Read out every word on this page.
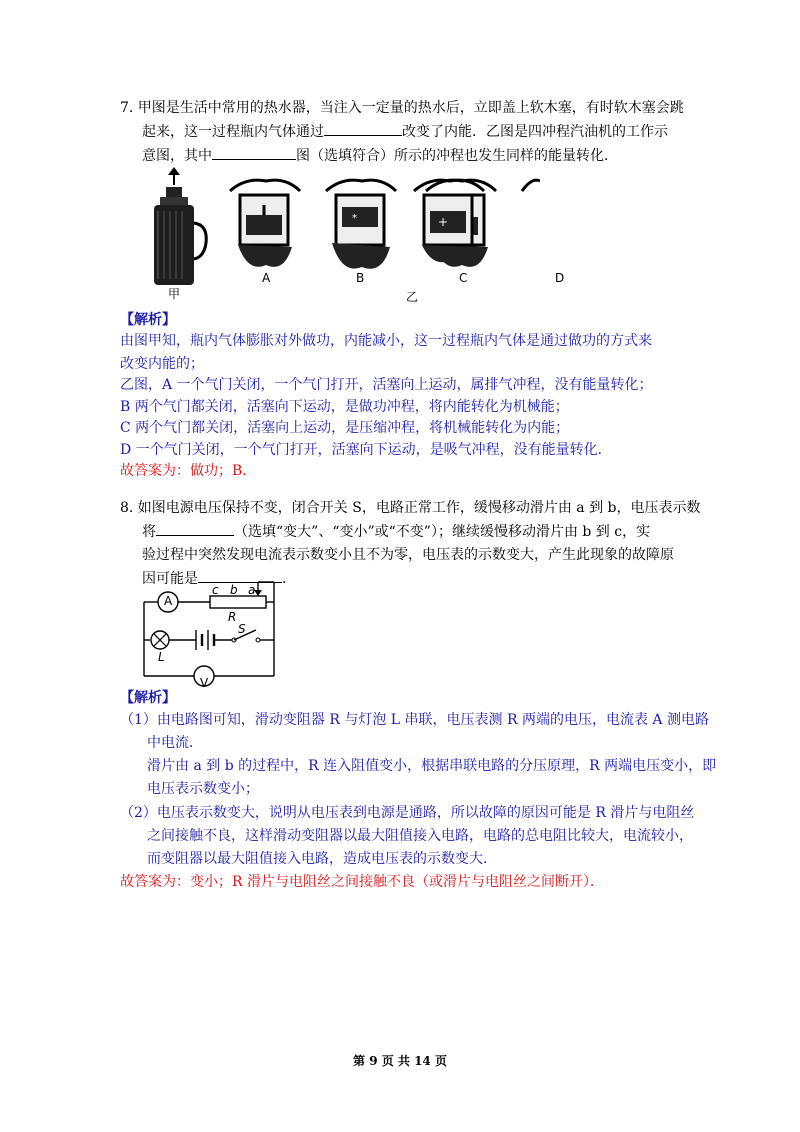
7. 甲图是生活中常用的热水器，当注入一定量的热水后，立即盖上软木塞，有时软木塞会跳
起来，这一过程瓶内气体通过	改变了内能．乙图是四冲程汽油机的工作示
意图，其中	图（选填符合）所示的冲程也发生同样的能量转化．
*	+
甲
A	B	C	D
乙
【解析】
由图甲知，瓶内气体膨胀对外做功，内能减小，这一过程瓶内气体是通过做功的方式来
改变内能的；
乙图，A 一个气门关闭，一个气门打开，活塞向上运动，属排气冲程，没有能量转化；
B 两个气门都关闭，活塞向下运动，是做功冲程，将内能转化为机械能；
C 两个气门都关闭，活塞向上运动，是压缩冲程，将机械能转化为内能；
D 一个气门关闭，一个气门打开，活塞向下运动，是吸气冲程，没有能量转化．
故答案为：做功；B．
8. 如图电源电压保持不变，闭合开关 S，电路正常工作，缓慢移动滑片由 a 到 b，电压表示数
将	（选填“变大”、“变小”或“不变”）；继续缓慢移动滑片由 b 到 c，实
验过程中突然发现电流表示数变小且不为零，电压表的示数变大，产生此现象的故障原
因可能是	．
A
V
c b a
R
L
S
【解析】
（1）由电路图可知，滑动变阻器 R 与灯泡 L 串联，电压表测 R 两端的电压，电流表 A 测电路
中电流．
滑片由 a 到 b 的过程中，R 连入阻值变小，根据串联电路的分压原理，R 两端电压变小，即
电压表示数变小；
（2）电压表示数变大，说明从电压表到电源是通路，所以故障的原因可能是 R 滑片与电阻丝
之间接触不良，这样滑动变阻器以最大阻值接入电路，电路的总电阻比较大，电流较小，
而变阻器以最大阻值接入电路，造成电压表的示数变大．
故答案为：变小；R 滑片与电阻丝之间接触不良（或滑片与电阻丝之间断开）．
第 9 页 共 14 页
